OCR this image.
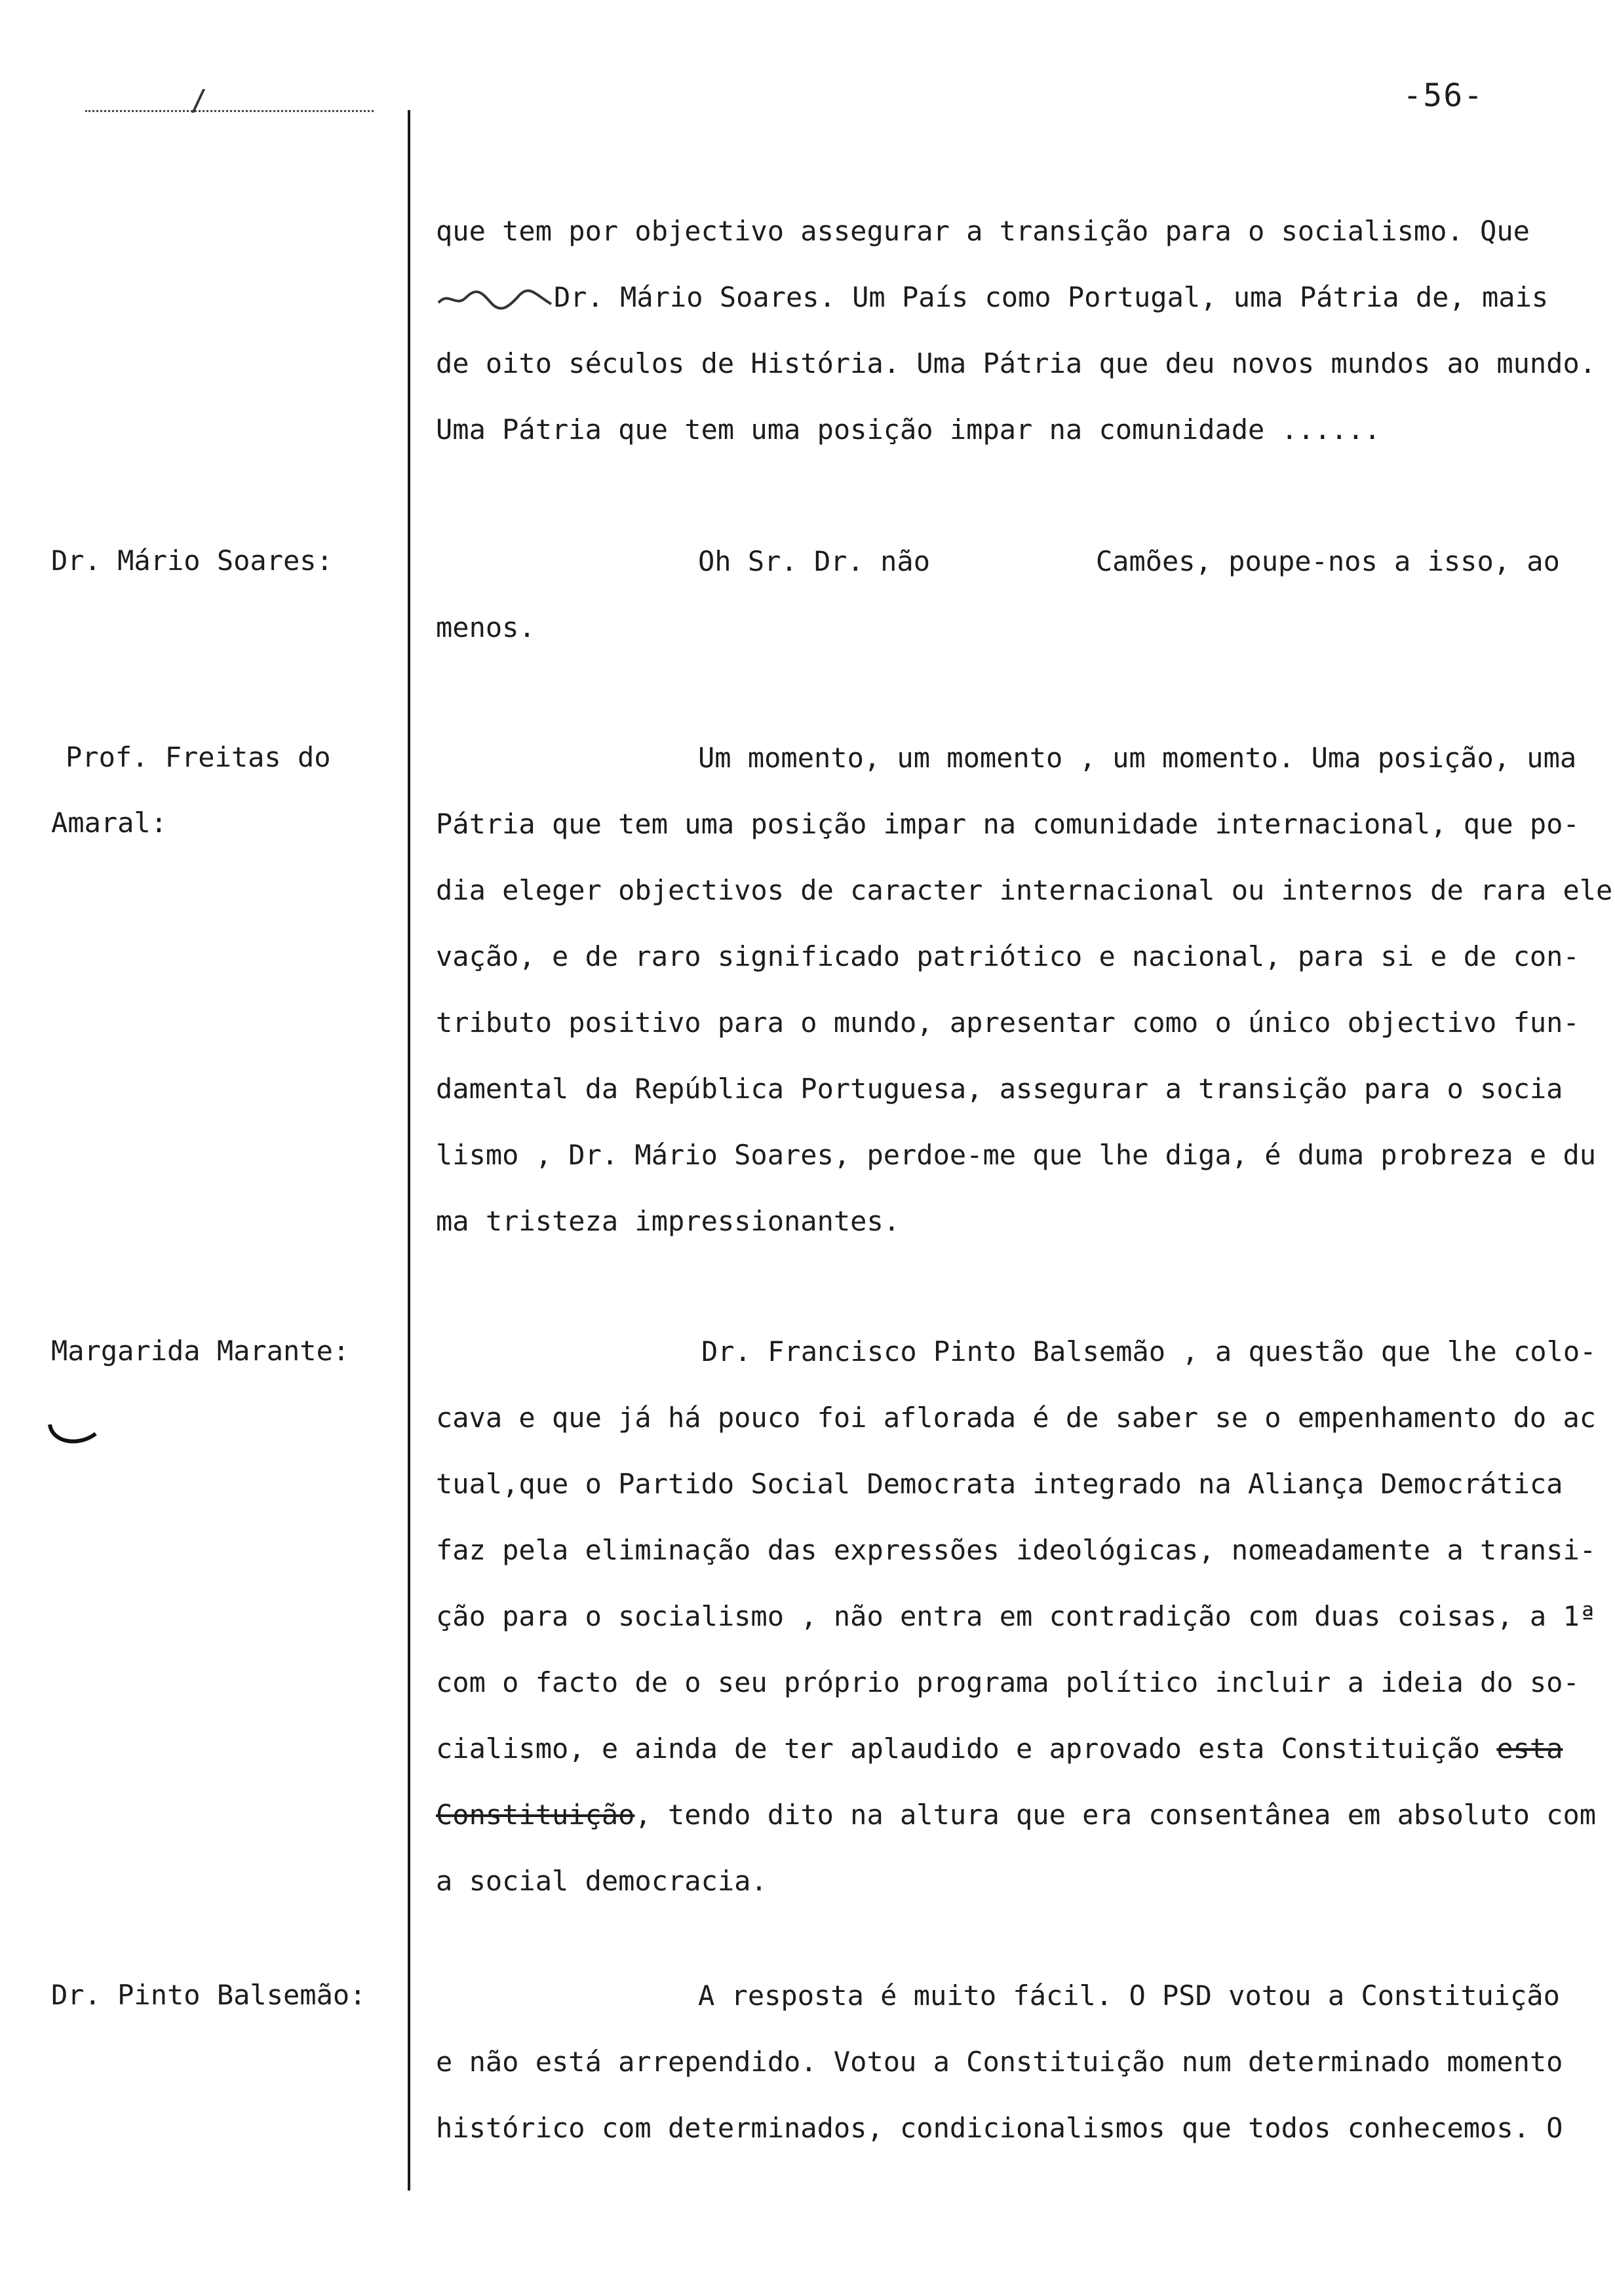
/	-56-
que tem por objectivo assegurar a transição para o socialismo. Que
Dr. Mário Soares. Um País como Portugal, uma Pátria de, mais
de oito séculos de História. Uma Pátria que deu novos mundos ao mundo.
Uma Pátria que tem uma posição impar na comunidade ......
Dr. Mário Soares:	Oh Sr. Dr. não          Camões, poupe-nos a isso, ao
menos.
Prof. Freitas do
Amaral:
Um momento, um momento , um momento. Uma posição, uma
Pátria que tem uma posição impar na comunidade internacional, que po-
dia eleger objectivos de caracter internacional ou internos de rara ele
vação, e de raro significado patriótico e nacional, para si e de con-
tributo positivo para o mundo, apresentar como o único objectivo fun-
damental da República Portuguesa, assegurar a transição para o socia
lismo , Dr. Mário Soares, perdoe-me que lhe diga, é duma probreza e du
ma tristeza impressionantes.
Margarida Marante:	Dr. Francisco Pinto Balsemão , a questão que lhe colo-
cava e que já há pouco foi aflorada é de saber se o empenhamento do ac
tual,que o Partido Social Democrata integrado na Aliança Democrática
faz pela eliminação das expressões ideológicas, nomeadamente a transi-
ção para o socialismo , não entra em contradição com duas coisas, a 1ª
com o facto de o seu próprio programa político incluir a ideia do so-
cialismo, e ainda de ter aplaudido e aprovado esta Constituição esta
Constituição, tendo dito na altura que era consentânea em absoluto com
a social democracia.
Dr. Pinto Balsemão:	A resposta é muito fácil. O PSD votou a Constituição
e não está arrependido. Votou a Constituição num determinado momento
histórico com determinados, condicionalismos que todos conhecemos. O
